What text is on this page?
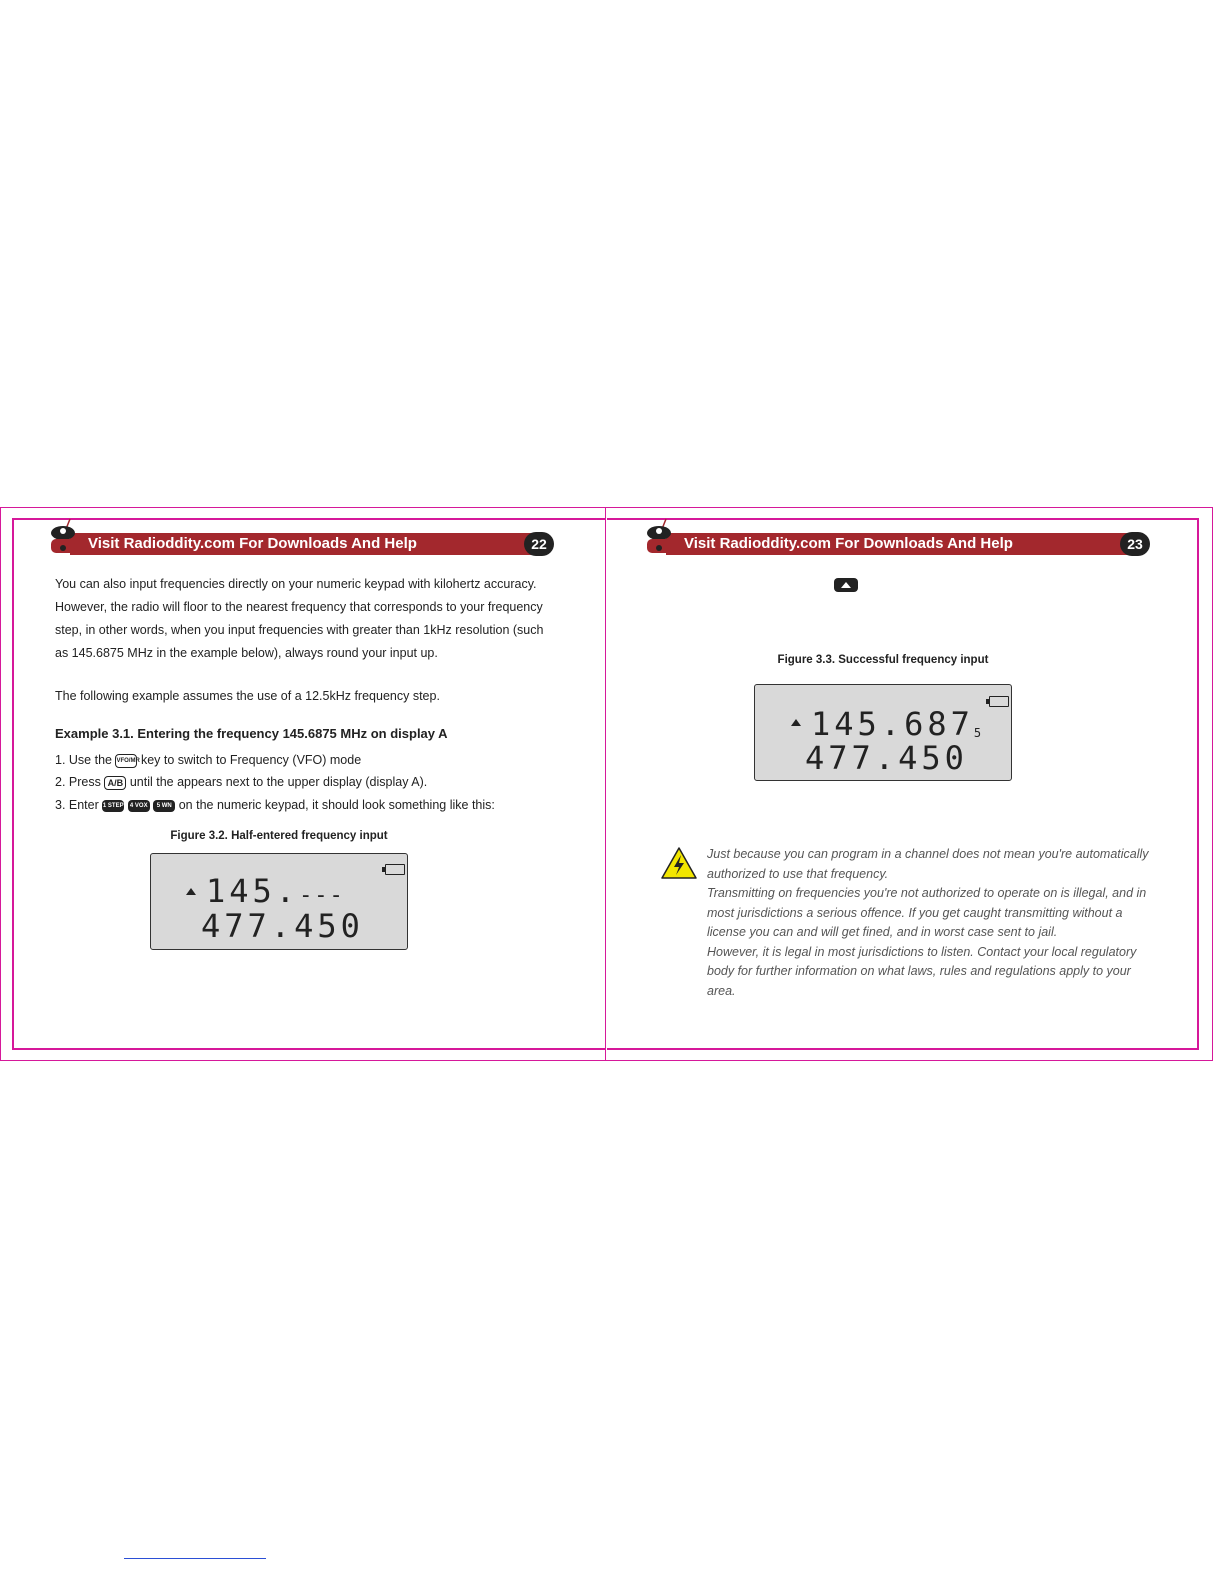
Visit Radioddity.com For Downloads And Help	22
You can also input frequencies directly on your numeric keypad with kilohertz accuracy.
However, the radio will floor to the nearest frequency that corresponds to your frequency
step, in other words, when you input frequencies with greater than 1kHz resolution (such
as 145.6875 MHz in the example below), always round your input up.
The following example assumes the use of a 12.5kHz frequency step.
Example 3.1. Entering the frequency 145.6875 MHz on display A
1. Use the VFO/MR key to switch to Frequency (VFO) mode
2. Press A/B until the appears next to the upper display (display A).
3. Enter 1 STEP 4 VOX 5 WN on the numeric keypad, it should look something like this:
Figure 3.2. Half-entered frequency input
145.---
477.450
Visit Radioddity.com For Downloads And Help	23
Figure 3.3. Successful frequency input
145.6875
477.450
Just because you can program in a channel does not mean you're automatically
authorized to use that frequency.
Transmitting on frequencies you're not authorized to operate on is illegal, and in
most jurisdictions a serious offence. If you get caught transmitting without a
license you can and will get fined, and in worst case sent to jail.
However, it is legal in most jurisdictions to listen. Contact your local regulatory
body for further information on what laws, rules and regulations apply to your
area.
